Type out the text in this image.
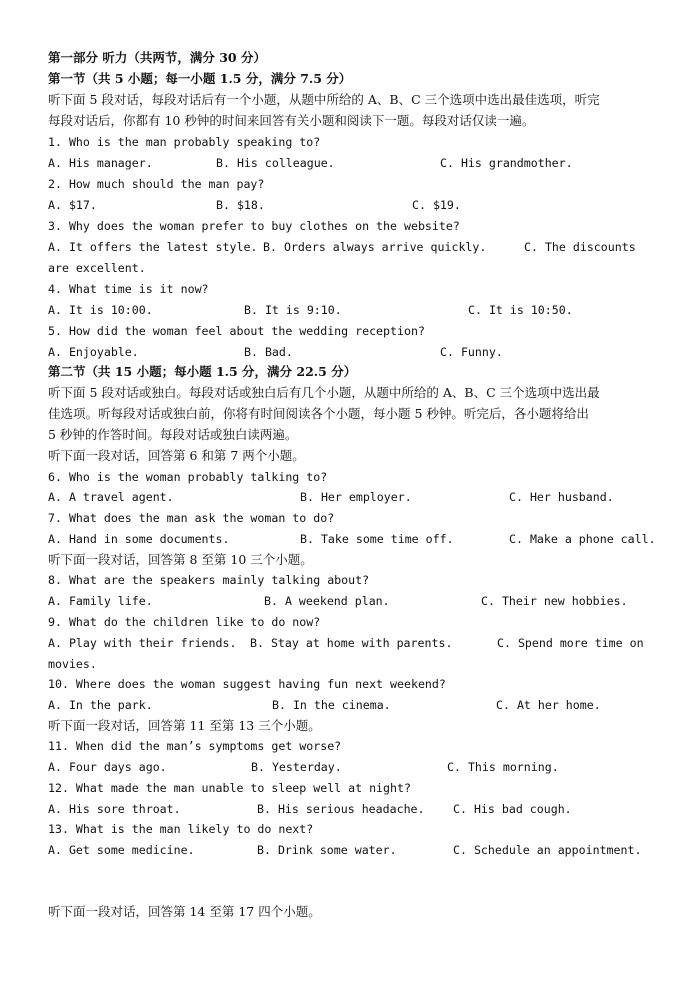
第一部分 听力（共两节，满分 30 分）
第一节（共 5 小题；每一小题 1.5 分，满分 7.5 分）
听下面 5 段对话，每段对话后有一个小题，从题中所给的 A、B、C 三个选项中选出最佳选项，听完
每段对话后，你都有 10 秒钟的时间来回答有关小题和阅读下一题。每段对话仅读一遍。
1. Who is the man probably speaking to?

A. His manager.

	B. His colleague.

	C. His grandmother.

2. How much should the man pay?

A. $17.

	B. $18.

	C. $19.

3. Why does the woman prefer to buy clothes on the website?

A. It offers the latest style.

B. Orders always arrive quickly.

	C. The discounts

are excellent.
4. What time is it now?

A. It is 10:00.

	B. It is 9:10.

	C. It is 10:50.

5. How did the woman feel about the wedding reception?

A. Enjoyable.

	B. Bad.

	C. Funny.

第二节（共 15 小题；每小题 1.5 分，满分 22.5 分）
听下面 5 段对话或独白。每段对话或独白后有几个小题，从题中所给的 A、B、C 三个选项中选出最
佳选项。听每段对话或独白前，你将有时间阅读各个小题，每小题 5 秒钟。听完后，各小题将给出
5 秒钟的作答时间。每段对话或独白读两遍。
听下面一段对话，回答第 6 和第 7 两个小题。
6. Who is the woman probably talking to?

A. A travel agent.

	B. Her employer.

	C. Her husband.

7. What does the man ask the woman to do?

A. Hand in some documents.

	B. Take some time off.

	C. Make a phone call.

听下面一段对话，回答第 8 至第 10 三个小题。
8. What are the speakers mainly talking about?

A. Family life.

	B. A weekend plan.

	C. Their new hobbies.

9. What do the children like to do now?

A. Play with their friends.

B. Stay at home with parents.

	C. Spend more time on

movies.
10. Where does the woman suggest having fun next weekend?

A. In the park.

	B. In the cinema.

	C. At her home.

听下面一段对话，回答第 11 至第 13 三个小题。
11. When did the man’s symptoms get worse?

A. Four days ago.

	B. Yesterday.

	C. This morning.

12. What made the man unable to sleep well at night?

A. His sore throat.

	B. His serious headache.

C. His bad cough.

13. What is the man likely to do next?

A. Get some medicine.

	B. Drink some water.

	C. Schedule an appointment.

听下面一段对话，回答第 14 至第 17 四个小题。
